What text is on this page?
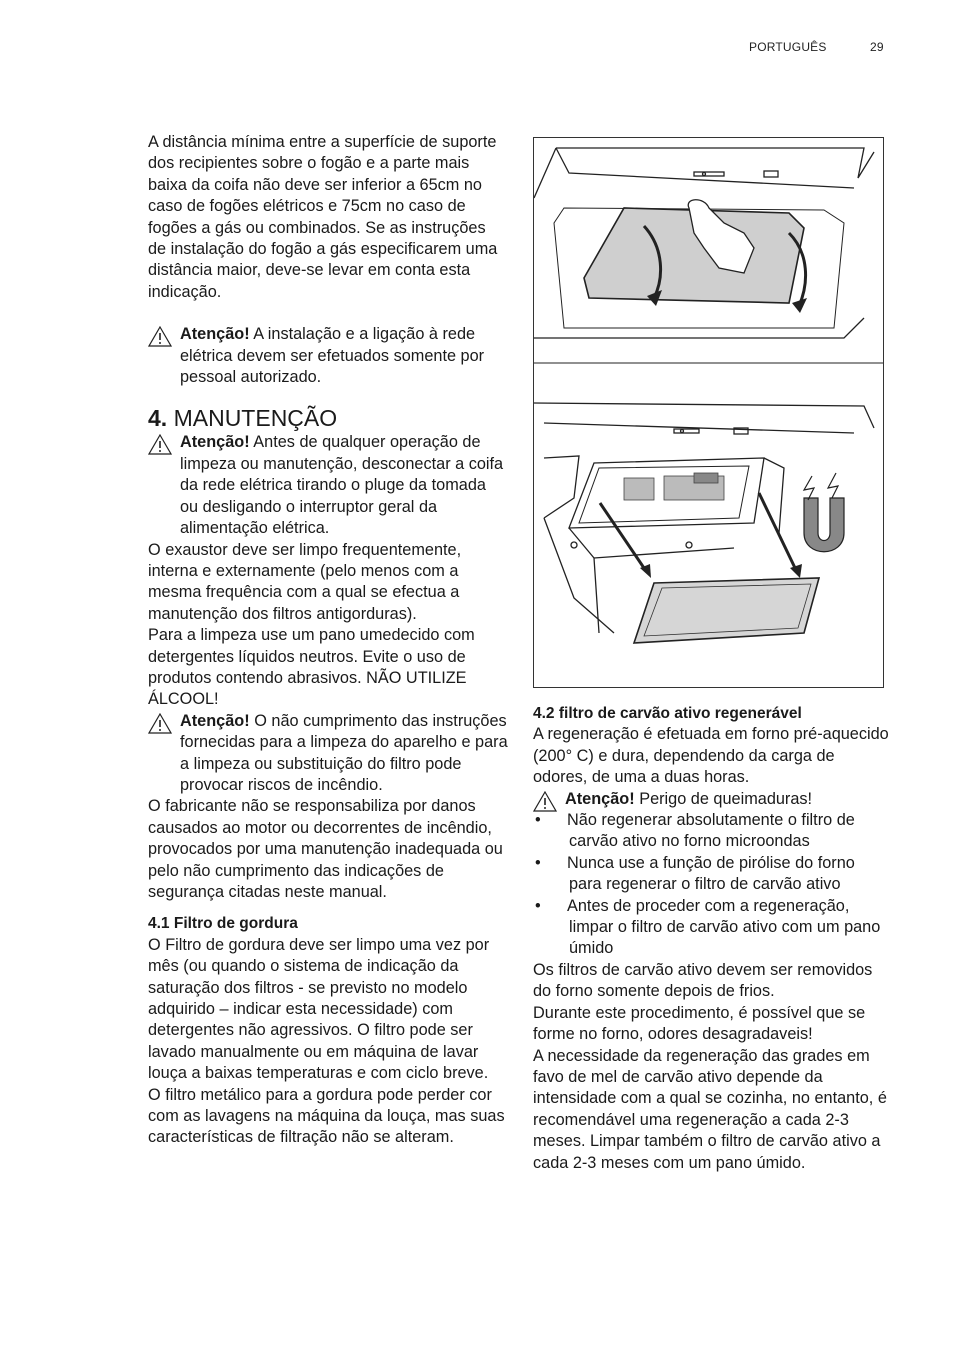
PORTUGUÊS	29

A distância mínima entre a superfície de suporte dos recipientes sobre o fogão e a parte mais baixa da coifa não deve ser inferior a 65cm no caso de fogões elétricos e 75cm no caso de fogões a gás ou combinados. Se as instruções de instalação do fogão a gás especificarem uma distância maior, deve-se levar em conta esta indicação.

Atenção! A instalação e a ligação à rede elétrica devem ser efetuados somente por pessoal autorizado.
4. MANUTENÇÃO
Atenção! Antes de qualquer operação de limpeza ou manutenção, desconectar a coifa da rede elétrica tirando o pluge da tomada ou desligando o interruptor geral da alimentação elétrica.

O exaustor deve ser limpo frequentemente, interna e externamente (pelo menos com a mesma frequência com a qual se efectua a manutenção dos filtros antigorduras).

Para a limpeza use um pano umedecido com detergentes líquidos neutros. Evite o uso de produtos contendo abrasivos. NÃO UTILIZE ÁLCOOL!

Atenção! O não cumprimento das instruções fornecidas para a limpeza do aparelho e para a limpeza ou substituição do filtro pode provocar riscos de incêndio.

O fabricante não se responsabiliza por danos causados ao motor ou decorrentes de incêndio, provocados por uma manutenção inadequada ou pelo não cumprimento das indicações de segurança citadas neste manual.

4.1 Filtro de gordura

O Filtro de gordura deve ser limpo uma vez por mês (ou quando o sistema de indicação da saturação dos filtros - se previsto no modelo adquirido – indicar esta necessidade) com detergentes não agressivos. O filtro pode ser lavado manualmente ou em máquina de lavar louça a baixas temperaturas e com ciclo breve.

O filtro metálico para a gordura pode perder cor com as lavagens na máquina da louça, mas suas características de filtração não se alteram.

4.2 filtro de carvão ativo regenerável

A regeneração é efetuada em forno pré-aquecido (200° C) e dura, dependendo da carga de odores, de uma a duas horas.

Atenção! Perigo de queimaduras!
• Não regenerar absolutamente o filtro de
carvão ativo no forno microondas
• Nunca use a função de pirólise do forno
para regenerar o filtro de carvão ativo
• Antes de proceder com a regeneração,
limpar o filtro de carvão ativo com um pano úmido

Os filtros de carvão ativo devem ser removidos do forno somente depois de frios.

Durante este procedimento, é possível que se forme no forno, odores desagradaveis!

A necessidade da regeneração das grades em favo de mel de carvão ativo depende da intensidade com a qual se cozinha, no entanto, é recomendável uma regeneração a cada 2-3 meses. Limpar também o filtro de carvão ativo a cada 2-3 meses com um pano úmido.
